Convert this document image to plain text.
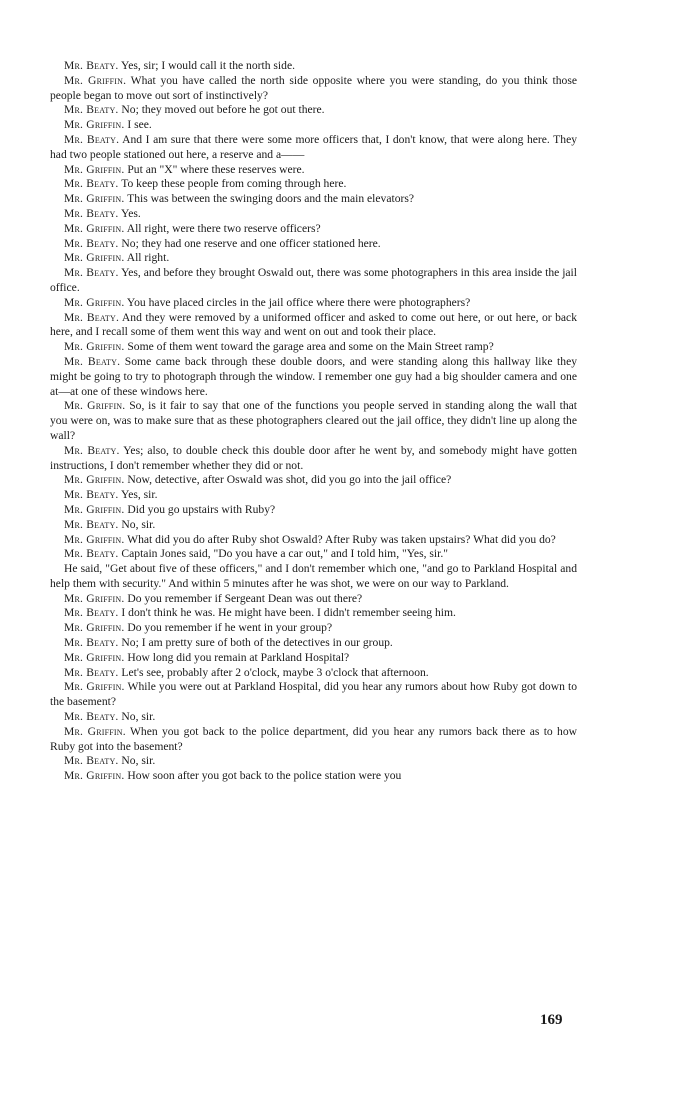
Mr. Beaty. Yes, sir; I would call it the north side.

Mr. Griffin. What you have called the north side opposite where you were standing, do you think those people began to move out sort of instinctively?

Mr. Beaty. No; they moved out before he got out there.

Mr. Griffin. I see.

Mr. Beaty. And I am sure that there were some more officers that, I don't know, that were along here. They had two people stationed out here, a reserve and a——

Mr. Griffin. Put an "X" where these reserves were.

Mr. Beaty. To keep these people from coming through here.

Mr. Griffin. This was between the swinging doors and the main elevators?

Mr. Beaty. Yes.

Mr. Griffin. All right, were there two reserve officers?

Mr. Beaty. No; they had one reserve and one officer stationed here.

Mr. Griffin. All right.

Mr. Beaty. Yes, and before they brought Oswald out, there was some photographers in this area inside the jail office.

Mr. Griffin. You have placed circles in the jail office where there were photographers?

Mr. Beaty. And they were removed by a uniformed officer and asked to come out here, or out here, or back here, and I recall some of them went this way and went on out and took their place.

Mr. Griffin. Some of them went toward the garage area and some on the Main Street ramp?

Mr. Beaty. Some came back through these double doors, and were standing along this hallway like they might be going to try to photograph through the window. I remember one guy had a big shoulder camera and one at—at one of these windows here.

Mr. Griffin. So, is it fair to say that one of the functions you people served in standing along the wall that you were on, was to make sure that as these photographers cleared out the jail office, they didn't line up along the wall?

Mr. Beaty. Yes; also, to double check this double door after he went by, and somebody might have gotten instructions, I don't remember whether they did or not.

Mr. Griffin. Now, detective, after Oswald was shot, did you go into the jail office?

Mr. Beaty. Yes, sir.

Mr. Griffin. Did you go upstairs with Ruby?

Mr. Beaty. No, sir.

Mr. Griffin. What did you do after Ruby shot Oswald? After Ruby was taken upstairs? What did you do?

Mr. Beaty. Captain Jones said, "Do you have a car out," and I told him, "Yes, sir."

He said, "Get about five of these officers," and I don't remember which one, "and go to Parkland Hospital and help them with security." And within 5 minutes after he was shot, we were on our way to Parkland.

Mr. Griffin. Do you remember if Sergeant Dean was out there?

Mr. Beaty. I don't think he was. He might have been. I didn't remember seeing him.

Mr. Griffin. Do you remember if he went in your group?

Mr. Beaty. No; I am pretty sure of both of the detectives in our group.

Mr. Griffin. How long did you remain at Parkland Hospital?

Mr. Beaty. Let's see, probably after 2 o'clock, maybe 3 o'clock that afternoon.

Mr. Griffin. While you were out at Parkland Hospital, did you hear any rumors about how Ruby got down to the basement?

Mr. Beaty. No, sir.

Mr. Griffin. When you got back to the police department, did you hear any rumors back there as to how Ruby got into the basement?

Mr. Beaty. No, sir.

Mr. Griffin. How soon after you got back to the police station were you

169
